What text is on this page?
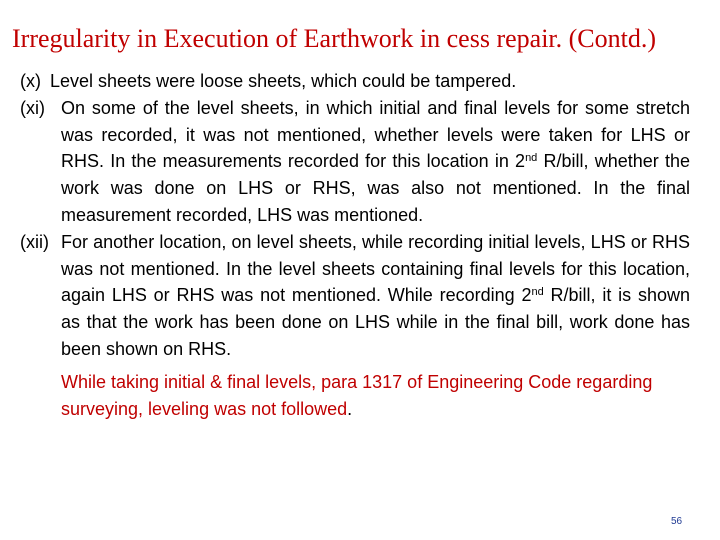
Irregularity in Execution of Earthwork in cess repair. (Contd.)
(x) Level sheets were loose sheets, which could be tampered.
(xi) On some of the level sheets, in which initial and final levels for some stretch was recorded, it was not mentioned, whether levels were taken for LHS or RHS. In the measurements recorded for this location in 2nd R/bill, whether the work was done on LHS or RHS, was also not mentioned. In the final measurement recorded, LHS was mentioned.
(xii) For another location, on level sheets, while recording initial levels, LHS or RHS was not mentioned. In the level sheets containing final levels for this location, again LHS or RHS was not mentioned. While recording 2nd R/bill, it is shown as that the work has been done on LHS while in the final bill, work done has been shown on RHS.
While taking initial & final levels, para 1317 of Engineering Code regarding surveying, leveling was not followed.
56
